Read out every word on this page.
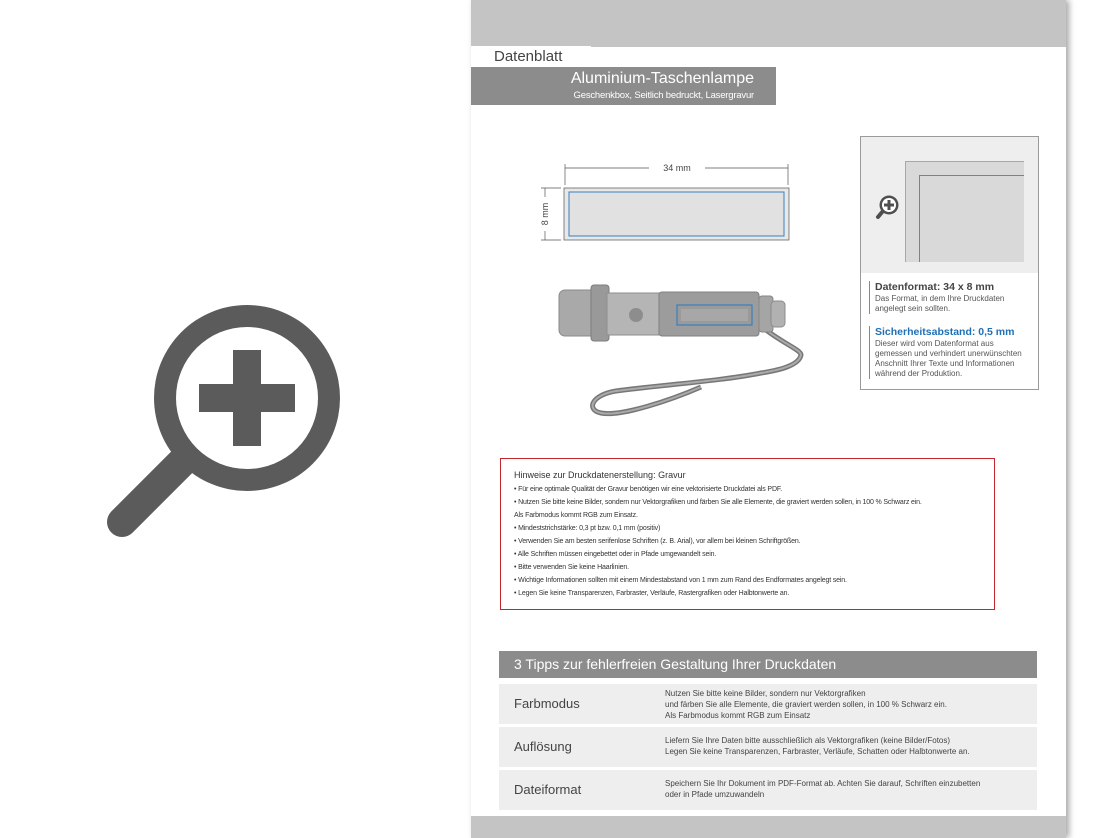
Datenblatt
Aluminium-Taschenlampe
Geschenkbox, Seitlich bedruckt, Lasergravur
34 mm
8 mm
Datenformat: 34 x 8 mm
Das Format, in dem Ihre Druckdaten
angelegt sein sollten.
Sicherheitsabstand: 0,5 mm
Dieser wird vom Datenformat aus
gemessen und verhindert unerwünschten
Anschnitt Ihrer Texte und Informationen
während der Produktion.
Hinweise zur Druckdatenerstellung: Gravur
• Für eine optimale Qualität der Gravur benötigen wir eine vektorisierte Druckdatei als PDF.
• Nutzen Sie bitte keine Bilder, sondern nur Vektorgrafiken und färben Sie alle Elemente, die graviert werden sollen, in 100 % Schwarz ein.
Als Farbmodus kommt RGB zum Einsatz.
• Mindeststrichstärke: 0,3 pt bzw. 0,1 mm (positiv)
• Verwenden Sie am besten serifenlose Schriften (z. B. Arial), vor allem bei kleinen Schriftgrößen.
• Alle Schriften müssen eingebettet oder in Pfade umgewandelt sein.
• Bitte verwenden Sie keine Haarlinien.
• Wichtige Informationen sollten mit einem Mindestabstand von 1 mm zum Rand des Endformates angelegt sein.
• Legen Sie keine Transparenzen, Farbraster, Verläufe, Rastergrafiken oder Halbtonwerte an.
3 Tipps zur fehlerfreien Gestaltung Ihrer Druckdaten
Farbmodus
Nutzen Sie bitte keine Bilder, sondern nur Vektorgrafiken
und färben Sie alle Elemente, die graviert werden sollen, in 100 % Schwarz ein.
Als Farbmodus kommt RGB zum Einsatz
Auflösung	Liefern Sie Ihre Daten bitte ausschließlich als Vektorgrafiken (keine Bilder/Fotos)
Legen Sie keine Transparenzen, Farbraster, Verläufe, Schatten oder Halbtonwerte an.
Dateiformat	Speichern Sie Ihr Dokument im PDF-Format ab. Achten Sie darauf, Schriften einzubetten
oder in Pfade umzuwandeln
